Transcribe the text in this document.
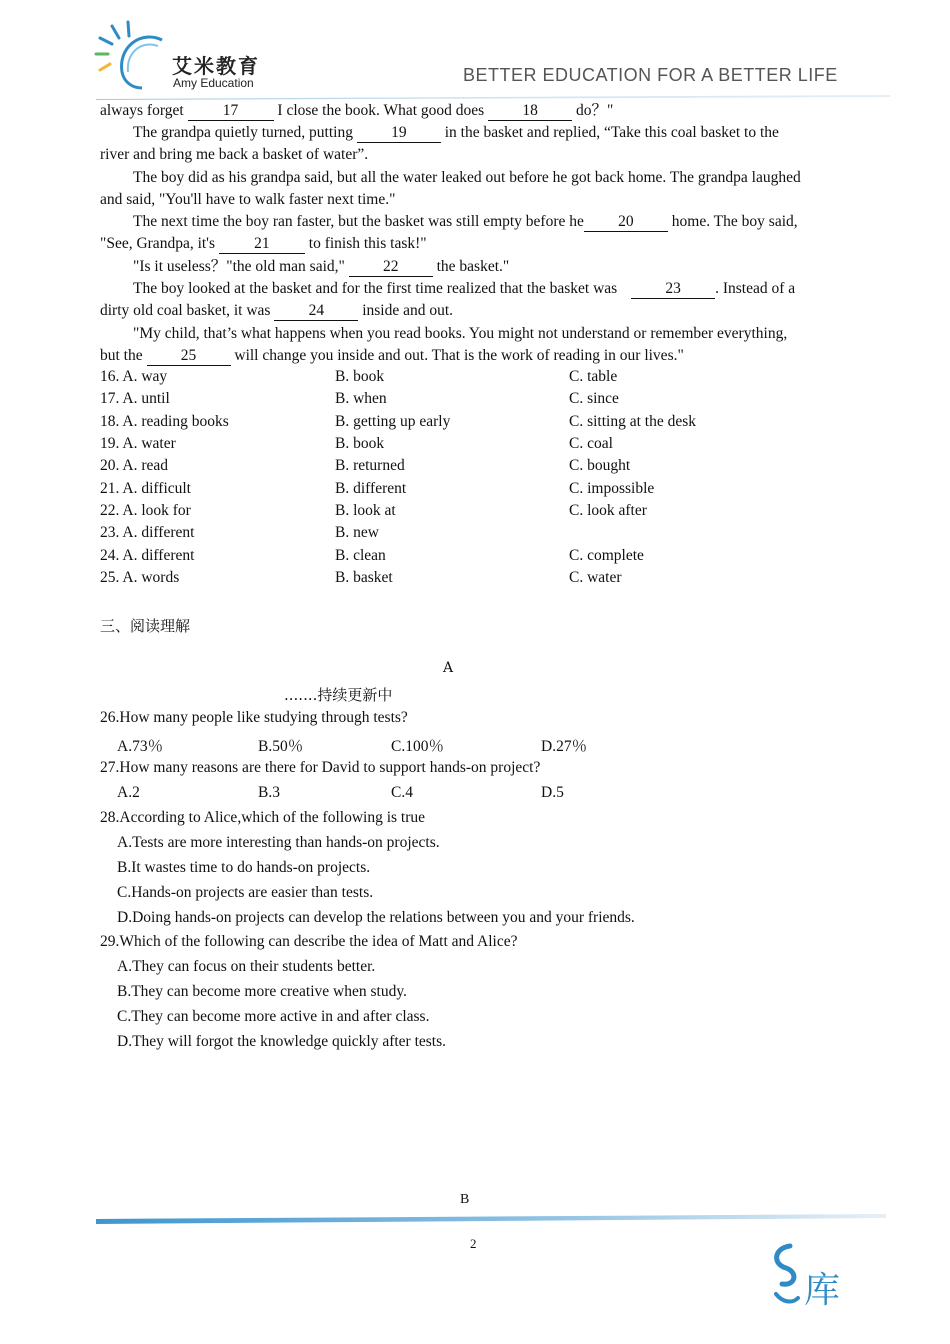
艾米教育
Amy Education	BETTER EDUCATION FOR A BETTER LIFE
always forget	17	I close the book. What good does 18 do？"
The grandpa quietly turned, putting 19 in the basket and replied, “Take this coal basket to the
river and bring me back a basket of water”.
The boy did as his grandpa said, but all the water leaked out before he got back home. The grandpa laughed
and said, "You'll have to walk faster next time."
The next time the boy ran faster, but the basket was still empty before he 20 home. The boy said,
"See, Grandpa, it's	21	to finish this task!"
"Is it useless？"the old man said," 22 the basket."
The boy looked at the basket and for the first time realized that the basket was	23 . Instead of a
dirty old coal basket, it was 24 inside and out.
"My child, that’s what happens when you read books. You might not understand or remember everything,
but the 25 will change you inside and out. That is the work of reading in our lives."
16. A. way	B. book	C. table
17. A. until	B. when	C. since
18. A. reading books	B. getting up early	C. sitting at the desk
19. A. water	B. book	C. coal
20. A. read	B. returned	C. bought
21. A. difficult	B. different	C. impossible
22. A. look for	B. look at	C. look after
23. A. different	B. new
24. A. different	B. clean	C. complete
25. A. words	B. basket	C. water
三、阅读理解
A
.......持续更新中
26.How many people like studying through tests?
A.73％	B.50％	C.100％	D.27％
27.How many reasons are there for David to support hands-on project?
A.2	B.3	C.4	D.5
28.According to Alice,which of the following is true
A.Tests are more interesting than hands-on projects.
B.It wastes time to do hands-on projects.
C.Hands-on projects are easier than tests.
D.Doing hands-on projects can develop the relations between you and your friends.
29.Which of the following can describe the idea of Matt and Alice?
A.They can focus on their students better.
B.They can become more creative when study.
C.They can become more active in and after class.
D.They will forgot the knowledge quickly after tests.
B
2
库
